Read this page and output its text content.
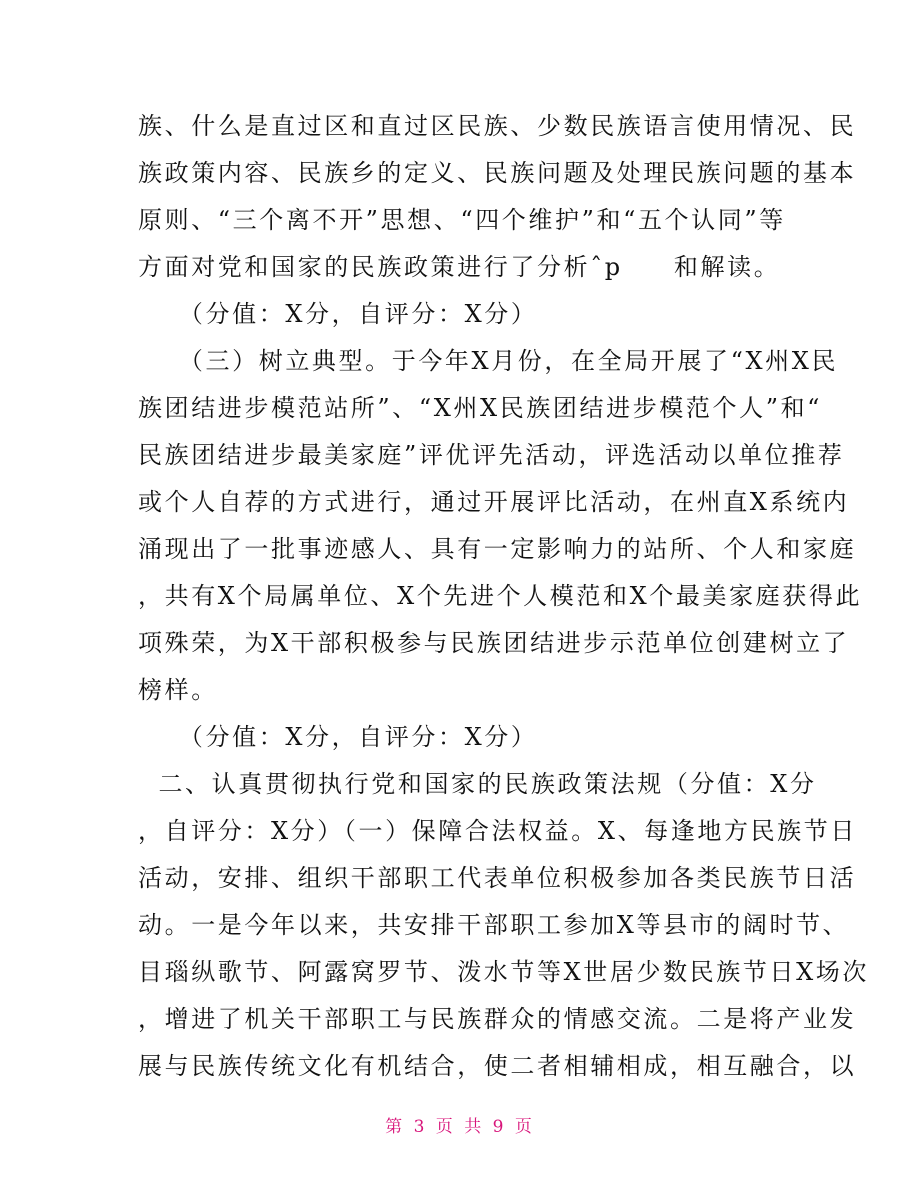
族、什么是直过区和直过区民族、少数民族语言使用情况、民
族政策内容、民族乡的定义、民族问题及处理民族问题的基本
原则、“三个离不开”思想、“四个维护”和“五个认同”等
方面对党和国家的民族政策进行了分析ˆp     和解读。
（分值：X分，自评分：X分）
（三）树立典型。于今年X月份，在全局开展了“X州X民
族团结进步模范站所”、“X州X民族团结进步模范个人”和“
民族团结进步最美家庭”评优评先活动，评选活动以单位推荐
或个人自荐的方式进行，通过开展评比活动，在州直X系统内
涌现出了一批事迹感人、具有一定影响力的站所、个人和家庭
，共有X个局属单位、X个先进个人模范和X个最美家庭获得此
项殊荣，为X干部积极参与民族团结进步示范单位创建树立了
榜样。
（分值：X分，自评分：X分）
二、认真贯彻执行党和国家的民族政策法规（分值：X分
，自评分：X分）（一）保障合法权益。X、每逢地方民族节日
活动，安排、组织干部职工代表单位积极参加各类民族节日活
动。一是今年以来，共安排干部职工参加X等县市的阔时节、
目瑙纵歌节、阿露窝罗节、泼水节等X世居少数民族节日X场次
，增进了机关干部职工与民族群众的情感交流。二是将产业发
展与民族传统文化有机结合，使二者相辅相成，相互融合，以
第 3 页 共 9 页
